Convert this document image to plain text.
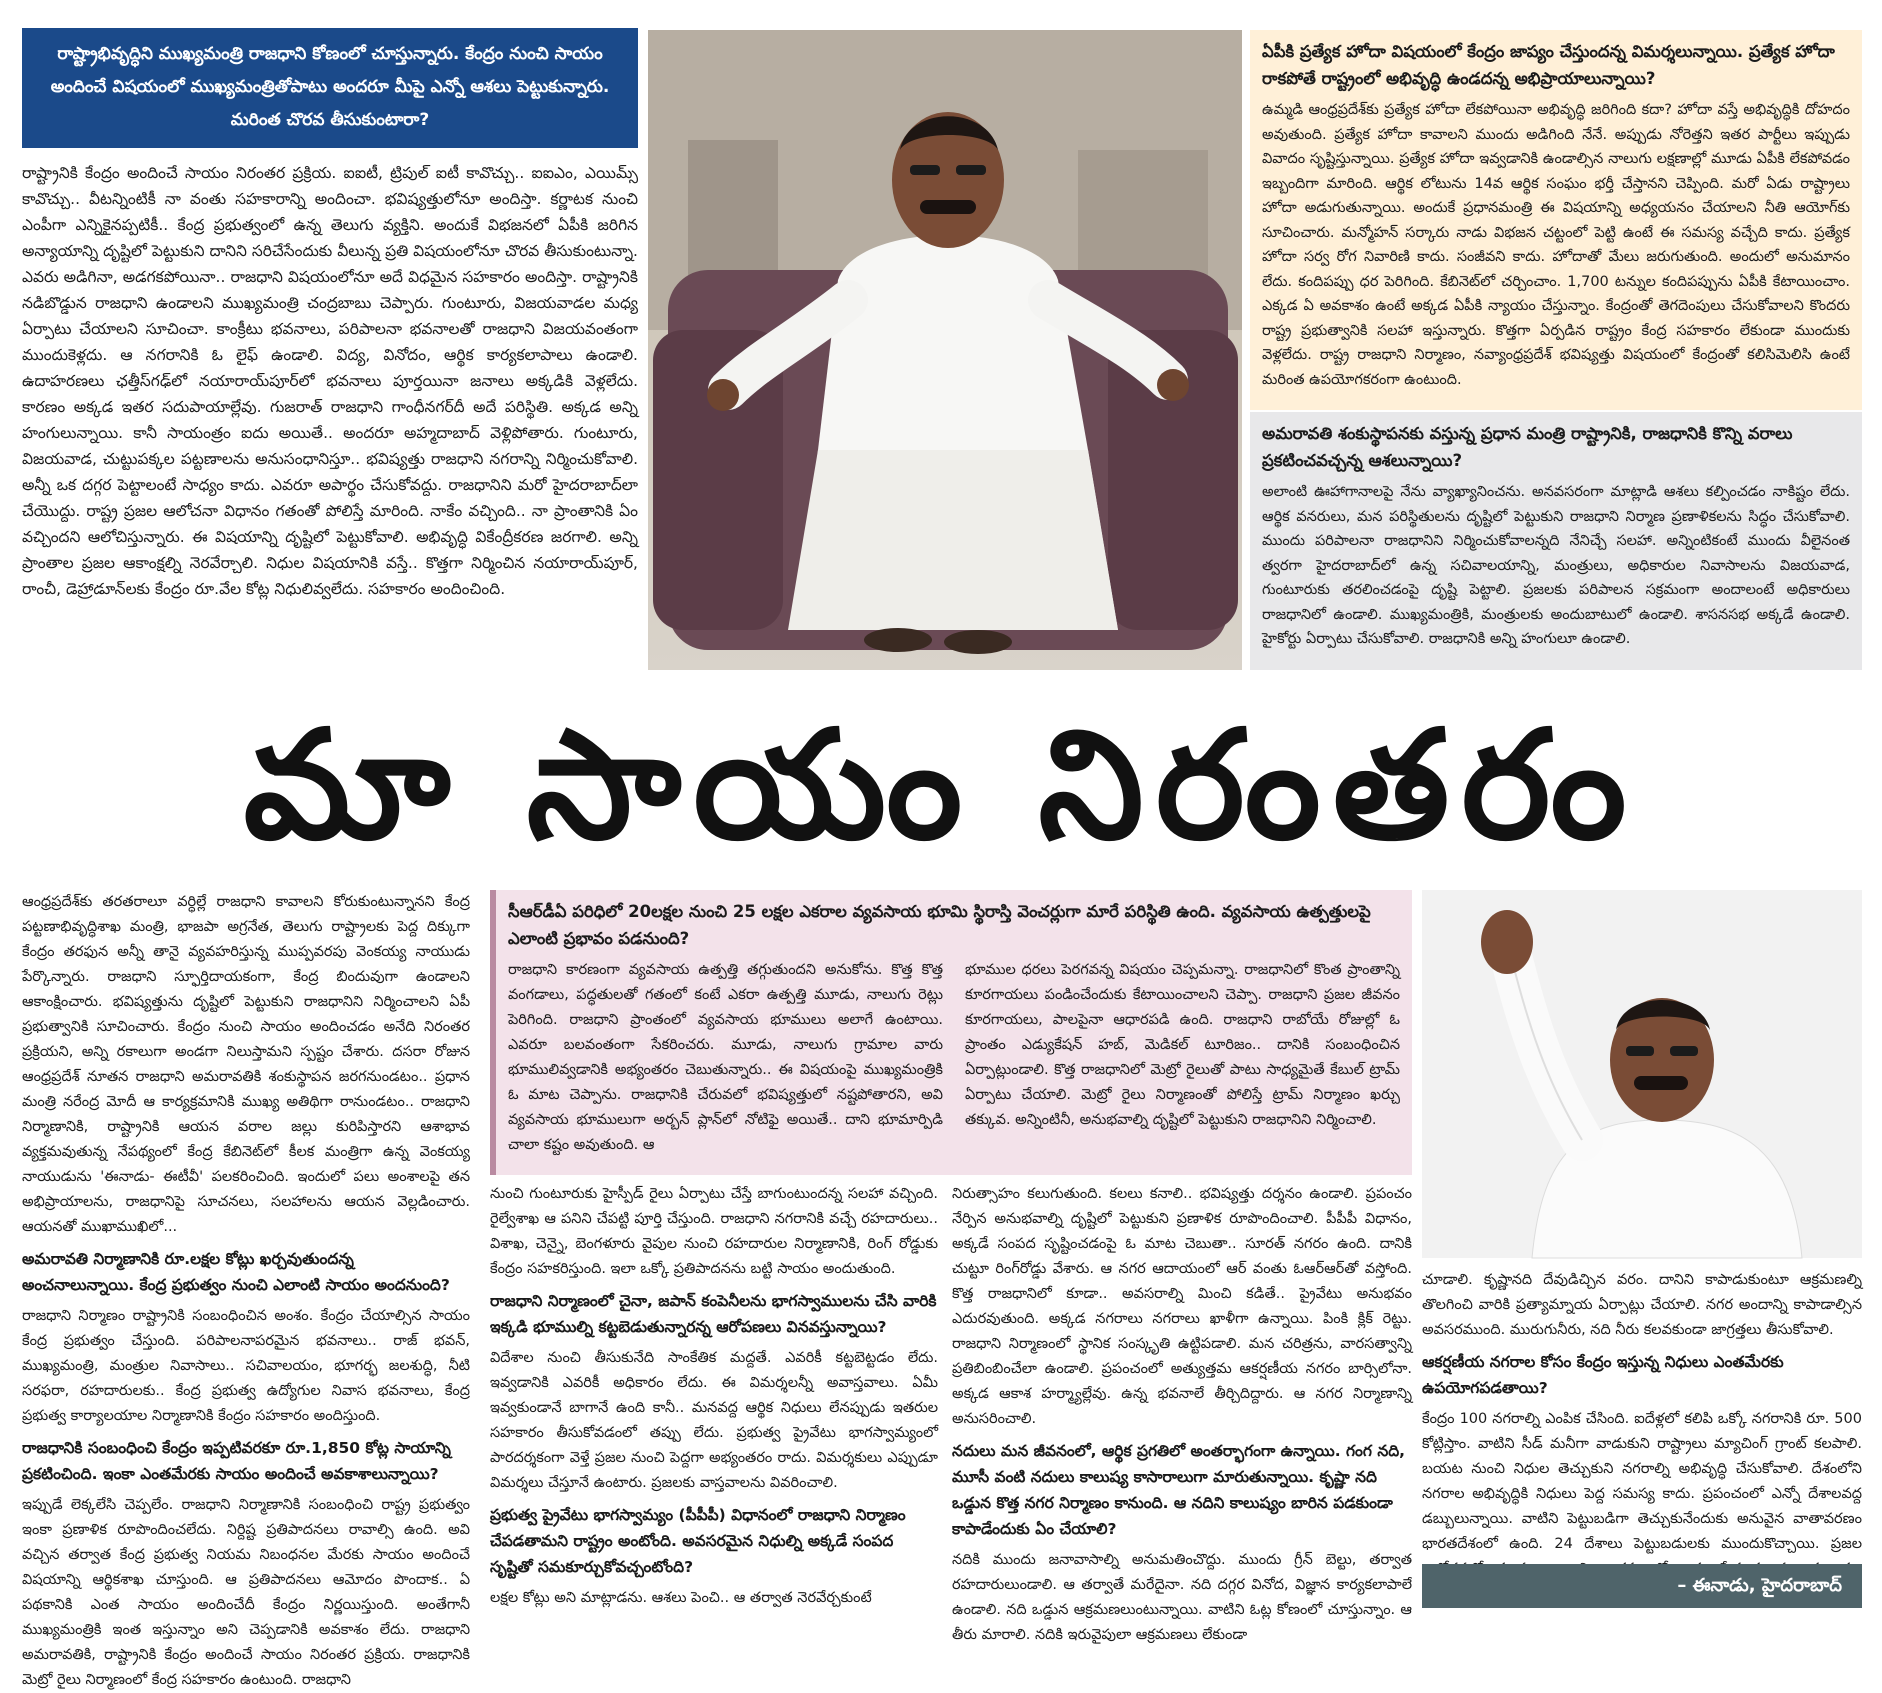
రాష్ట్రాభివృద్ధిని ముఖ్యమంత్రి రాజధాని కోణంలో చూస్తున్నారు. కేంద్రం నుంచి సాయం అందించే విషయంలో ముఖ్యమంత్రితోపాటు అందరూ మీపై ఎన్నో ఆశలు పెట్టుకున్నారు. మరింత చొరవ తీసుకుంటారా?

రాష్ట్రానికి కేంద్రం అందించే సాయం నిరంతర ప్రక్రియ. ఐఐటీ, ట్రిపుల్ ఐటీ కావొచ్చు.. ఐఐఎం, ఎయిమ్స్ కావొచ్చు.. వీటన్నింటికీ నా వంతు సహకారాన్ని అందించా. భవిష్యత్తులోనూ అందిస్తా. కర్ణాటక నుంచి ఎంపీగా ఎన్నికైనప్పటికీ.. కేంద్ర ప్రభుత్వంలో ఉన్న తెలుగు వ్యక్తిని. అందుకే విభజనలో ఏపీకి జరిగిన అన్యాయాన్ని దృష్టిలో పెట్టుకుని దానిని సరిచేసేందుకు వీలున్న ప్రతి విషయంలోనూ చొరవ తీసుకుంటున్నా. ఎవరు అడిగినా, అడగకపోయినా.. రాజధాని విషయంలోనూ అదే విధమైన సహకారం అందిస్తా. రాష్ట్రానికి నడిబొడ్డున రాజధాని ఉండాలని ముఖ్యమంత్రి చంద్రబాబు చెప్పారు. గుంటూరు, విజయవాడల మధ్య ఏర్పాటు చేయాలని సూచించా. కాంక్రీటు భవనాలు, పరిపాలనా భవనాలతో రాజధాని విజయవంతంగా ముందుకెళ్లదు. ఆ నగరానికి ఓ లైఫ్ ఉండాలి. విద్య, వినోదం, ఆర్థిక కార్యకలాపాలు ఉండాలి. ఉదాహరణలు ఛత్తీస్‌గఢ్‌లో నయారాయ్‌పూర్‌లో భవనాలు పూర్తయినా జనాలు అక్కడికి వెళ్లలేదు. కారణం అక్కడ ఇతర సదుపాయాల్లేవు. గుజరాత్ రాజధాని గాంధీనగర్‌దీ అదే పరిస్థితి. అక్కడ అన్ని హంగులున్నాయి. కానీ సాయంత్రం ఐదు అయితే.. అందరూ అహ్మదాబాద్ వెళ్లిపోతారు. గుంటూరు, విజయవాడ, చుట్టుపక్కల పట్టణాలను అనుసంధానిస్తూ.. భవిష్యత్తు రాజధాని నగరాన్ని నిర్మించుకోవాలి. అన్నీ ఒక దగ్గర పెట్టాలంటే సాధ్యం కాదు. ఎవరూ అపార్థం చేసుకోవద్దు. రాజధానిని మరో హైదరాబాద్‌లా చేయొద్దు. రాష్ట్ర ప్రజల ఆలోచనా విధానం గతంతో పోలిస్తే మారింది. నాకేం వచ్చింది.. నా ప్రాంతానికి ఏం వచ్చిందని ఆలోచిస్తున్నారు. ఈ విషయాన్ని దృష్టిలో పెట్టుకోవాలి. అభివృద్ధి వికేంద్రీకరణ జరగాలి. అన్ని ప్రాంతాల ప్రజల ఆకాంక్షల్ని నెరవేర్చాలి. నిధుల విషయానికి వస్తే.. కొత్తగా నిర్మించిన నయారాయ్‌పూర్, రాంచీ, డెహ్రాడూన్‌లకు కేంద్రం రూ.వేల కోట్ల నిధులివ్వలేదు. సహకారం అందించింది.

ఏపీకి ప్రత్యేక హోదా విషయంలో కేంద్రం జాప్యం చేస్తుందన్న విమర్శలున్నాయి. ప్రత్యేక హోదా రాకపోతే రాష్ట్రంలో అభివృద్ధి ఉండదన్న అభిప్రాయాలున్నాయి?

ఉమ్మడి ఆంధ్రప్రదేశ్‌కు ప్రత్యేక హోదా లేకపోయినా అభివృద్ధి జరిగింది కదా? హోదా వస్తే అభివృద్ధికి దోహదం అవుతుంది. ప్రత్యేక హోదా కావాలని ముందు అడిగింది నేనే. అప్పుడు నోరెత్తని ఇతర పార్టీలు ఇప్పుడు వివాదం సృష్టిస్తున్నాయి. ప్రత్యేక హోదా ఇవ్వడానికి ఉండాల్సిన నాలుగు లక్షణాల్లో మూడు ఏపీకి లేకపోవడం ఇబ్బందిగా మారింది. ఆర్థిక లోటును 14వ ఆర్థిక సంఘం భర్తీ చేస్తానని చెప్పింది. మరో ఏడు రాష్ట్రాలు హోదా అడుగుతున్నాయి. అందుకే ప్రధానమంత్రి ఈ విషయాన్ని అధ్యయనం చేయాలని నీతి ఆయోగ్‌కు సూచించారు. మన్మోహన్ సర్కారు నాడు విభజన చట్టంలో పెట్టి ఉంటే ఈ సమస్య వచ్చేది కాదు. ప్రత్యేక హోదా సర్వ రోగ నివారిణి కాదు. సంజీవని కాదు. హోదాతో మేలు జరుగుతుంది. అందులో అనుమానం లేదు. కందిపప్పు ధర పెరిగింది. కేబినెట్‌లో చర్చించాం. 1,700 టన్నుల కందిపప్పును ఏపీకి కేటాయించాం. ఎక్కడ ఏ అవకాశం ఉంటే అక్కడ ఏపీకి న్యాయం చేస్తున్నాం. కేంద్రంతో తెగదెంపులు చేసుకోవాలని కొందరు రాష్ట్ర ప్రభుత్వానికి సలహా ఇస్తున్నారు. కొత్తగా ఏర్పడిన రాష్ట్రం కేంద్ర సహకారం లేకుండా ముందుకు వెళ్లలేదు. రాష్ట్ర రాజధాని నిర్మాణం, నవ్యాంధ్రప్రదేశ్ భవిష్యత్తు విషయంలో కేంద్రంతో కలిసిమెలిసి ఉంటే మరింత ఉపయోగకరంగా ఉంటుంది.

అమరావతి శంకుస్థాపనకు వస్తున్న ప్రధాన మంత్రి రాష్ట్రానికి, రాజధానికి కొన్ని వరాలు ప్రకటించవచ్చన్న ఆశలున్నాయి?

అలాంటి ఊహాగానాలపై నేను వ్యాఖ్యానించను. అనవసరంగా మాట్లాడి ఆశలు కల్పించడం నాకిష్టం లేదు. ఆర్థిక వనరులు, మన పరిస్థితులను దృష్టిలో పెట్టుకుని రాజధాని నిర్మాణ ప్రణాళికలను సిద్ధం చేసుకోవాలి. ముందు పరిపాలనా రాజధానిని నిర్మించుకోవాలన్నది నేనిచ్చే సలహా. అన్నింటికంటే ముందు వీలైనంత త్వరగా హైదరాబాద్‌లో ఉన్న సచివాలయాన్ని, మంత్రులు, అధికారుల నివాసాలను విజయవాడ, గుంటూరుకు తరలించడంపై దృష్టి పెట్టాలి. ప్రజలకు పరిపాలన సక్రమంగా అందాలంటే అధికారులు రాజధానిలో ఉండాలి. ముఖ్యమంత్రికి, మంత్రులకు అందుబాటులో ఉండాలి. శాసనసభ అక్కడే ఉండాలి. హైకోర్టు ఏర్పాటు చేసుకోవాలి. రాజధానికి అన్ని హంగులూ ఉండాలి.

మా సాయం నిరంతరం

ఆంధ్రప్రదేశ్‌కు తరతరాలూ వర్ధిల్లే రాజధాని కావాలని కోరుకుంటున్నానని కేంద్ర పట్టణాభివృద్ధిశాఖ మంత్రి, భాజపా అగ్రనేత, తెలుగు రాష్ట్రాలకు పెద్ద దిక్కుగా కేంద్రం తరఫున అన్నీ తానై వ్యవహరిస్తున్న ముప్పవరపు వెంకయ్య నాయుడు పేర్కొన్నారు. రాజధాని స్ఫూర్తిదాయకంగా, కేంద్ర బిందువుగా ఉండాలని ఆకాంక్షించారు. భవిష్యత్తును దృష్టిలో పెట్టుకుని రాజధానిని నిర్మించాలని ఏపీ ప్రభుత్వానికి సూచించారు. కేంద్రం నుంచి సాయం అందించడం అనేది నిరంతర ప్రక్రియని, అన్ని రకాలుగా అండగా నిలుస్తామని స్పష్టం చేశారు. దసరా రోజున ఆంధ్రప్రదేశ్ నూతన రాజధాని అమరావతికి శంకుస్థాపన జరగనుండటం.. ప్రధాన మంత్రి నరేంద్ర మోదీ ఆ కార్యక్రమానికి ముఖ్య అతిథిగా రానుండటం.. రాజధాని నిర్మాణానికి, రాష్ట్రానికి ఆయన వరాల జల్లు కురిపిస్తారని ఆశాభావ వ్యక్తమవుతున్న నేపథ్యంలో కేంద్ర కేబినెట్‌లో కీలక మంత్రిగా ఉన్న వెంకయ్య నాయుడును 'ఈనాడు- ఈటీవీ' పలకరించింది. ఇందులో పలు అంశాలపై తన అభిప్రాయాలను, రాజధానిపై సూచనలు, సలహాలను ఆయన వెల్లడించారు. ఆయనతో ముఖాముఖిలో...

అమరావతి నిర్మాణానికి రూ.లక్షల కోట్లు ఖర్చవుతుందన్న అంచనాలున్నాయి. కేంద్ర ప్రభుత్వం నుంచి ఎలాంటి సాయం అందనుంది?

రాజధాని నిర్మాణం రాష్ట్రానికి సంబంధించిన అంశం. కేంద్రం చేయాల్సిన సాయం కేంద్ర ప్రభుత్వం చేస్తుంది. పరిపాలనాపరమైన భవనాలు.. రాజ్ భవన్, ముఖ్యమంత్రి, మంత్రుల నివాసాలు.. సచివాలయం, భూగర్భ జలశుద్ధి, నీటి సరఫరా, రహదారులకు.. కేంద్ర ప్రభుత్వ ఉద్యోగుల నివాస భవనాలు, కేంద్ర ప్రభుత్వ కార్యాలయాల నిర్మాణానికి కేంద్రం సహకారం అందిస్తుంది.

రాజధానికి సంబంధించి కేంద్రం ఇప్పటివరకూ రూ.1,850 కోట్ల సాయాన్ని ప్రకటించింది. ఇంకా ఎంతమేరకు సాయం అందించే అవకాశాలున్నాయి?

ఇప్పుడే లెక్కలేసి చెప్పలేం. రాజధాని నిర్మాణానికి సంబంధించి రాష్ట్ర ప్రభుత్వం ఇంకా ప్రణాళిక రూపొందించలేదు. నిర్దిష్ట ప్రతిపాదనలు రావాల్సి ఉంది. అవి వచ్చిన తర్వాత కేంద్ర ప్రభుత్వ నియమ నిబంధనల మేరకు సాయం అందించే విషయాన్ని ఆర్థికశాఖ చూస్తుంది. ఆ ప్రతిపాదనలు ఆమోదం పొందాక.. ఏ పథకానికి ఎంత సాయం అందించేదీ కేంద్రం నిర్ణయిస్తుంది. అంతేగానీ ముఖ్యమంత్రికి ఇంత ఇస్తున్నాం అని చెప్పడానికి అవకాశం లేదు. రాజధాని అమరావతికి, రాష్ట్రానికి కేంద్రం అందించే సాయం నిరంతర ప్రక్రియ. రాజధానికి మెట్రో రైలు నిర్మాణంలో కేంద్ర సహకారం ఉంటుంది. రాజధాని

సీఆర్‌డీఏ పరిధిలో 20లక్షల నుంచి 25 లక్షల ఎకరాల వ్యవసాయ భూమి స్థిరాస్తి వెంచర్లుగా మారే పరిస్థితి ఉంది. వ్యవసాయ ఉత్పత్తులపై ఎలాంటి ప్రభావం పడనుంది?

రాజధాని కారణంగా వ్యవసాయ ఉత్పత్తి తగ్గుతుందని అనుకోను. కొత్త కొత్త వంగడాలు, పద్ధతులతో గతంలో కంటే ఎకరా ఉత్పత్తి మూడు, నాలుగు రెట్లు పెరిగింది. రాజధాని ప్రాంతంలో వ్యవసాయ భూములు అలాగే ఉంటాయి. ఎవరూ బలవంతంగా సేకరించరు. మూడు, నాలుగు గ్రామాల వారు భూములివ్వడానికి అభ్యంతరం చెబుతున్నారు.. ఈ విషయంపై ముఖ్యమంత్రికి ఓ మాట చెప్పాను. రాజధానికి చేరువలో భవిష్యత్తులో నష్టపోతారని, అవి వ్యవసాయ భూములుగా అర్బన్ ప్లాన్‌లో నోటిఫై అయితే.. దాని భూమార్పిడి చాలా కష్టం అవుతుంది. ఆ

భూముల ధరలు పెరగవన్న విషయం చెప్పమన్నా. రాజధానిలో కొంత ప్రాంతాన్ని కూరగాయలు పండించేందుకు కేటాయించాలని చెప్పా. రాజధాని ప్రజల జీవనం కూరగాయలు, పాలపైనా ఆధారపడి ఉంది. రాజధాని రాబోయే రోజుల్లో ఓ ప్రాంతం ఎడ్యుకేషన్ హబ్, మెడికల్ టూరిజం.. దానికి సంబంధించిన ఏర్పాట్లుండాలి. కొత్త రాజధానిలో మెట్రో రైలుతో పాటు సాధ్యమైతే కేబుల్ ట్రామ్ ఏర్పాటు చేయాలి. మెట్రో రైలు నిర్మాణంతో పోలిస్తే ట్రామ్ నిర్మాణం ఖర్చు తక్కువ. అన్నింటినీ, అనుభవాల్ని దృష్టిలో పెట్టుకుని రాజధానిని నిర్మించాలి.

నుంచి గుంటూరుకు హైస్పీడ్ రైలు ఏర్పాటు చేస్తే బాగుంటుందన్న సలహా వచ్చింది. రైల్వేశాఖ ఆ పనిని చేపట్టి పూర్తి చేస్తుంది. రాజధాని నగరానికి వచ్చే రహదారులు.. విశాఖ, చెన్నై, బెంగళూరు వైపుల నుంచి రహదారుల నిర్మాణానికి, రింగ్ రోడ్డుకు కేంద్రం సహకరిస్తుంది. ఇలా ఒక్కో ప్రతిపాదనను బట్టి సాయం అందుతుంది.

రాజధాని నిర్మాణంలో చైనా, జపాన్ కంపెనీలను భాగస్వాములను చేసి వారికి ఇక్కడి భూముల్ని కట్టబెడుతున్నారన్న ఆరోపణలు వినవస్తున్నాయి?

విదేశాల నుంచి తీసుకునేది సాంకేతిక మద్దతే. ఎవరికీ కట్టబెట్టడం లేదు. ఇవ్వడానికి ఎవరికీ అధికారం లేదు. ఈ విమర్శలన్నీ అవాస్తవాలు. ఏమీ ఇవ్వకుండానే బాగానే ఉంది కానీ.. మనవద్ద ఆర్థిక నిధులు లేనప్పుడు ఇతరుల సహకారం తీసుకోవడంలో తప్పు లేదు. ప్రభుత్వ ప్రైవేటు భాగస్వామ్యంలో పారదర్శకంగా వెళ్తే ప్రజల నుంచి పెద్దగా అభ్యంతరం రాదు. విమర్శకులు ఎప్పుడూ విమర్శలు చేస్తూనే ఉంటారు. ప్రజలకు వాస్తవాలను వివరించాలి.

ప్రభుత్వ ప్రైవేటు భాగస్వామ్యం (పీపీపీ) విధానంలో రాజధాని నిర్మాణం చేపడతామని రాష్ట్రం అంటోంది. అవసరమైన నిధుల్ని అక్కడే సంపద సృష్టితో సమకూర్చుకోవచ్చంటోంది?

లక్షల కోట్లు అని మాట్లాడను. ఆశలు పెంచి.. ఆ తర్వాత నెరవేర్చకుంటే

నిరుత్సాహం కలుగుతుంది. కలలు కనాలి.. భవిష్యత్తు దర్శనం ఉండాలి. ప్రపంచం నేర్పిన అనుభవాల్ని దృష్టిలో పెట్టుకుని ప్రణాళిక రూపొందించాలి. పీపీపీ విధానం, అక్కడే సంపద సృష్టించడంపై ఓ మాట చెబుతా.. సూరత్ నగరం ఉంది. దానికి చుట్టూ రింగ్‌రోడ్డు వేశారు. ఆ నగర ఆదాయంలో ఆర్ వంతు ఓఆర్‌ఆర్‌తో వస్తోంది. కొత్త రాజధానిలో కూడా.. అవసరాల్ని మించి కడితే.. ప్రైవేటు అనుభవం ఎదురవుతుంది. అక్కడ నగరాలు నగరాలు ఖాళీగా ఉన్నాయి. పింకి క్లిక్ రెట్టు. రాజధాని నిర్మాణంలో స్థానిక సంస్కృతి ఉట్టిపడాలి. మన చరిత్రను, వారసత్వాన్ని ప్రతిబింబించేలా ఉండాలి. ప్రపంచంలో అత్యుత్తమ ఆకర్షణీయ నగరం బార్సిలోనా. అక్కడ ఆకాశ హర్మ్యాల్లేవు. ఉన్న భవనాలే తీర్చిదిద్దారు. ఆ నగర నిర్మాణాన్ని అనుసరించాలి.

నదులు మన జీవనంలో, ఆర్థిక ప్రగతిలో అంతర్భాగంగా ఉన్నాయి. గంగ నది, మూసీ వంటి నదులు కాలుష్య కాసారాలుగా మారుతున్నాయి. కృష్ణా నది ఒడ్డున కొత్త నగర నిర్మాణం కానుంది. ఆ నదిని కాలుష్యం బారిన పడకుండా కాపాడేందుకు ఏం చేయాలి?

నదికి ముందు జనావాసాల్ని అనుమతించొద్దు. ముందు గ్రీన్ బెల్టు, తర్వాత రహదారులుండాలి. ఆ తర్వాతే మరేదైనా. నది దగ్గర వినోద, విజ్ఞాన కార్యకలాపాలే ఉండాలి. నది ఒడ్డున ఆక్రమణలుంటున్నాయి. వాటిని ఓట్ల కోణంలో చూస్తున్నాం. ఆ తీరు మారాలి. నదికి ఇరువైపులా ఆక్రమణలు లేకుండా

చూడాలి. కృష్ణానది దేవుడిచ్చిన వరం. దానిని కాపాడుకుంటూ ఆక్రమణల్ని తొలగించి వారికి ప్రత్యామ్నాయ ఏర్పాట్లు చేయాలి. నగర అందాన్ని కాపాడాల్సిన అవసరముంది. మురుగునీరు, నది నీరు కలవకుండా జాగ్రత్తలు తీసుకోవాలి.

ఆకర్షణీయ నగరాల కోసం కేంద్రం ఇస్తున్న నిధులు ఎంతమేరకు ఉపయోగపడతాయి?

కేంద్రం 100 నగరాల్ని ఎంపిక చేసింది. ఐదేళ్లలో కలిపి ఒక్కో నగరానికి రూ. 500 కోట్లిస్తాం. వాటిని సీడ్ మనీగా వాడుకుని రాష్ట్రాలు మ్యాచింగ్ గ్రాంట్ కలపాలి. బయట నుంచి నిధుల తెచ్చుకుని నగరాల్ని అభివృద్ధి చేసుకోవాలి. దేశంలోని నగరాల అభివృద్ధికి నిధులు పెద్ద సమస్య కాదు. ప్రపంచంలో ఎన్నో దేశాలవద్ద డబ్బులున్నాయి. వాటిని పెట్టుబడిగా తెచ్చుకునేందుకు అనువైన వాతావరణం భారతదేశంలో ఉంది. 24 దేశాలు పెట్టుబడులకు ముందుకొచ్చాయి. ప్రజల

– ఈనాడు, హైదరాబాద్
